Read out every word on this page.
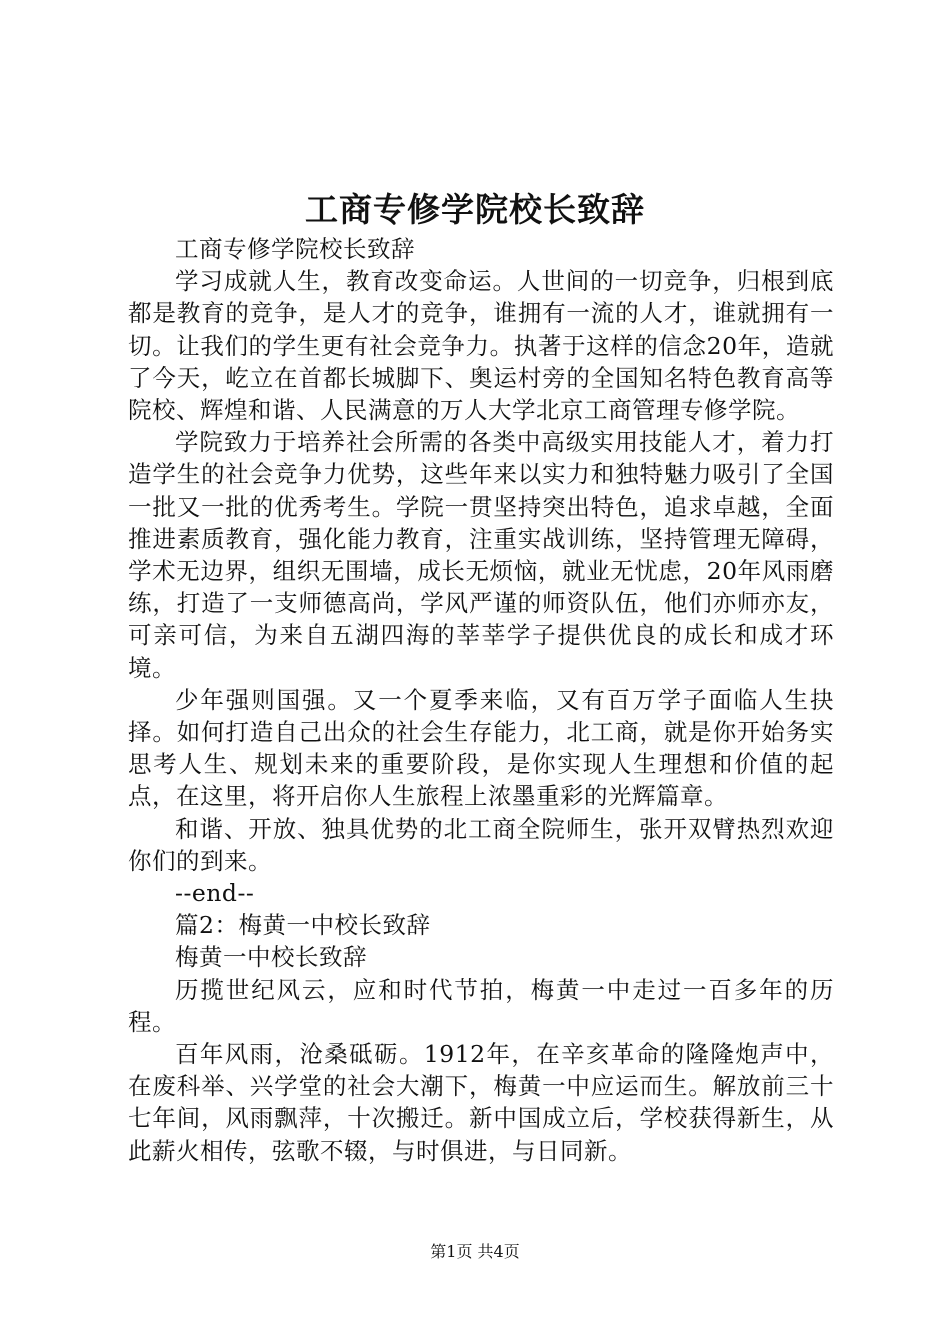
工商专修学院校长致辞

工商专修学院校长致辞

学习成就人生，教育改变命运。人世间的一切竞争，归根到底都是教育的竞争，是人才的竞争，谁拥有一流的人才，谁就拥有一切。让我们的学生更有社会竞争力。执著于这样的信念20年，造就了今天，屹立在首都长城脚下、奥运村旁的全国知名特色教育高等院校、辉煌和谐、人民满意的万人大学北京工商管理专修学院。

学院致力于培养社会所需的各类中高级实用技能人才，着力打造学生的社会竞争力优势，这些年来以实力和独特魅力吸引了全国一批又一批的优秀考生。学院一贯坚持突出特色，追求卓越，全面推进素质教育，强化能力教育，注重实战训练，坚持管理无障碍，学术无边界，组织无围墙，成长无烦恼，就业无忧虑，20年风雨磨练，打造了一支师德高尚，学风严谨的师资队伍，他们亦师亦友，可亲可信，为来自五湖四海的莘莘学子提供优良的成长和成才环境。

少年强则国强。又一个夏季来临，又有百万学子面临人生抉择。如何打造自己出众的社会生存能力，北工商，就是你开始务实思考人生、规划未来的重要阶段，是你实现人生理想和价值的起点，在这里，将开启你人生旅程上浓墨重彩的光辉篇章。

和谐、开放、独具优势的北工商全院师生，张开双臂热烈欢迎你们的到来。

--end--

篇2：梅黄一中校长致辞

梅黄一中校长致辞

历揽世纪风云，应和时代节拍，梅黄一中走过一百多年的历程。

百年风雨，沧桑砥砺。1912年，在辛亥革命的隆隆炮声中，在废科举、兴学堂的社会大潮下，梅黄一中应运而生。解放前三十七年间，风雨飘萍，十次搬迁。新中国成立后，学校获得新生，从此薪火相传，弦歌不辍，与时俱进，与日同新。

第1页 共4页
